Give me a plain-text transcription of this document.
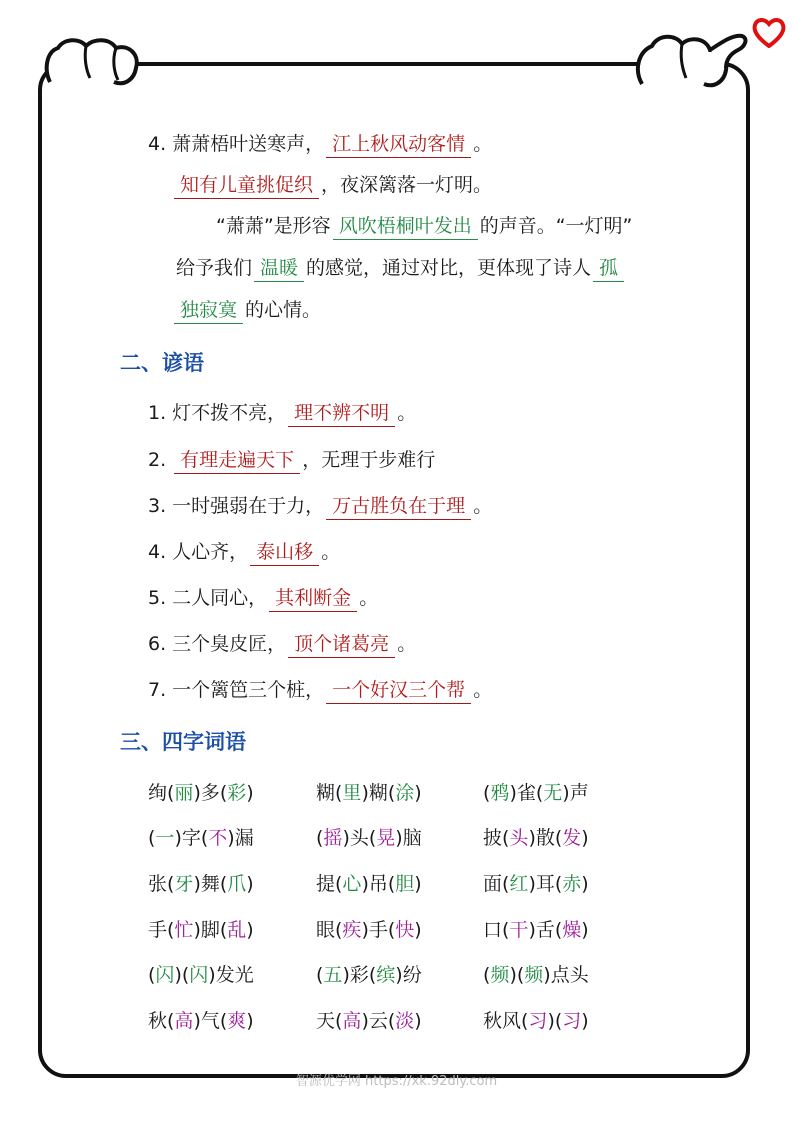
4. 萧萧梧叶送寒声， 江上秋风动客情 。
知有儿童挑促织 ，夜深篱落一灯明。
“萧萧”是形容 风吹梧桐叶发出 的声音。“一灯明”
给予我们 温暖 的感觉，通过对比，更体现了诗人 孤
独寂寞 的心情。
二、谚语
1. 灯不拨不亮， 理不辨不明 。
2. 有理走遍天下 ，无理于步难行
3. 一时强弱在于力， 万古胜负在于理 。
4. 人心齐， 泰山移 。
5. 二人同心， 其利断金 。
6. 三个臭皮匠， 顶个诸葛亮 。
7. 一个篱笆三个桩， 一个好汉三个帮 。
三、四字词语
绚(丽)多(彩)	糊(里)糊(涂)	(鸦)雀(无)声
(一)字(不)漏	(摇)头(晃)脑	披(头)散(发)
张(牙)舞(爪)	提(心)吊(胆)	面(红)耳(赤)
手(忙)脚(乱)	眼(疾)手(快)	口(干)舌(燥)
(闪)(闪)发光	(五)彩(缤)纷	(频)(频)点头
秋(高)气(爽)	天(高)云(淡)	秋风(习)(习)
智源优学网 https://xk.92dly.com
